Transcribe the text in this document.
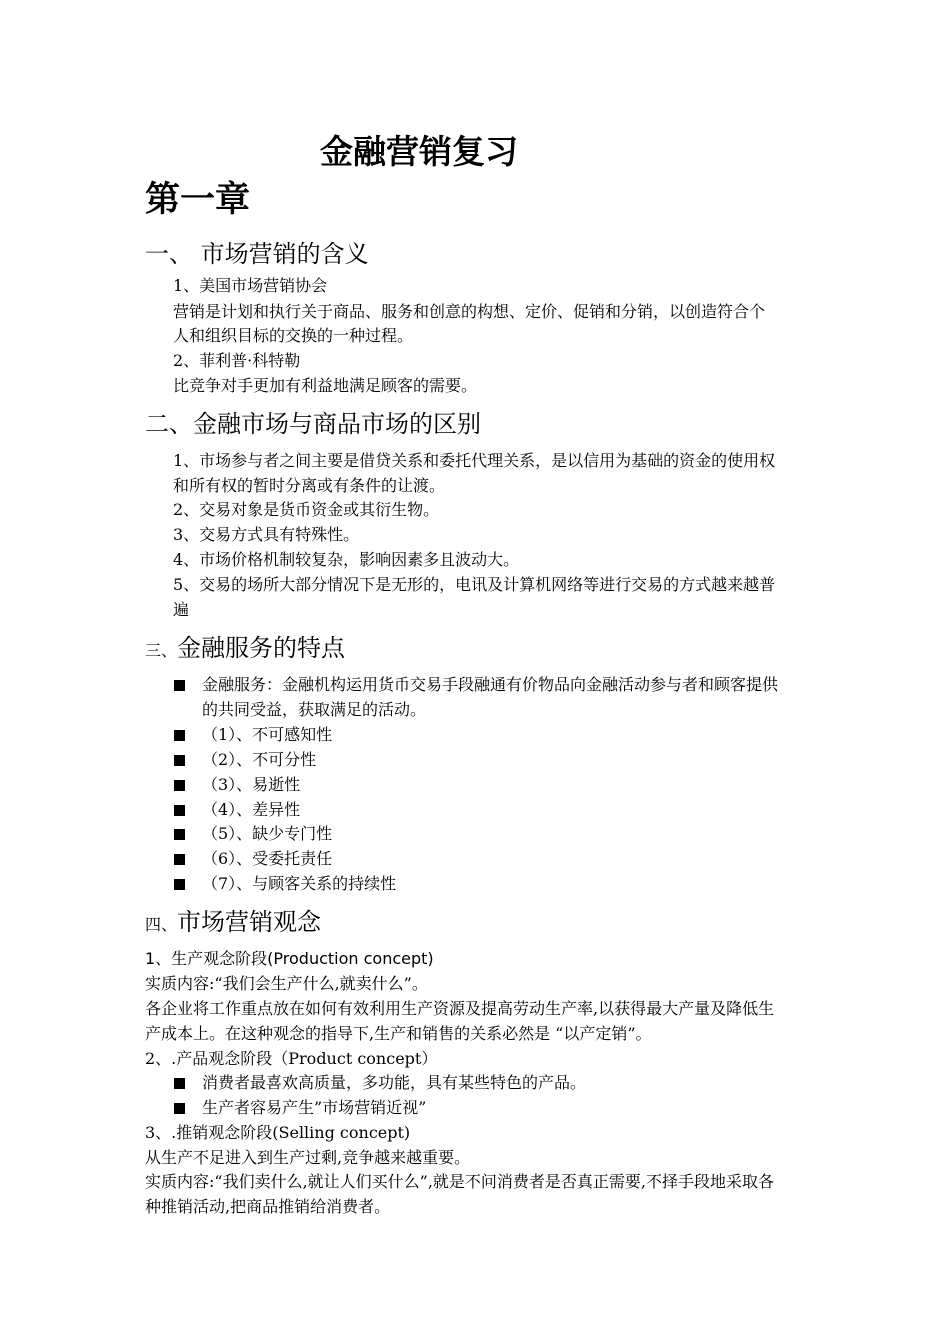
金融营销复习
第一章
一、 市场营销的含义
1、美国市场营销协会
营销是计划和执行关于商品、服务和创意的构想、定价、促销和分销，以创造符合个
人和组织目标的交换的一种过程。
2、菲利普·科特勒
比竞争对手更加有利益地满足顾客的需要。
二、金融市场与商品市场的区别
1、市场参与者之间主要是借贷关系和委托代理关系，是以信用为基础的资金的使用权
和所有权的暂时分离或有条件的让渡。
2、交易对象是货币资金或其衍生物。
3、交易方式具有特殊性。
4、市场价格机制较复杂，影响因素多且波动大。
5、交易的场所大部分情况下是无形的，电讯及计算机网络等进行交易的方式越来越普
遍
三、金融服务的特点
金融服务：金融机构运用货币交易手段融通有价物品向金融活动参与者和顾客提供
的共同受益，获取满足的活动。
（1）、不可感知性
（2）、不可分性
（3）、易逝性
（4）、差异性
（5）、缺少专门性
（6）、受委托责任
（7）、与顾客关系的持续性
四、市场营销观念
1、生产观念阶段(Production concept)
实质内容:“我们会生产什么,就卖什么”。
各企业将工作重点放在如何有效利用生产资源及提高劳动生产率,以获得最大产量及降低生
产成本上。在这种观念的指导下,生产和销售的关系必然是 “以产定销”。
2、.产品观念阶段（Product concept）
消费者最喜欢高质量，多功能，具有某些特色的产品。
生产者容易产生”市场营销近视”
3、.推销观念阶段(Selling concept)
从生产不足进入到生产过剩,竞争越来越重要。
实质内容:“我们卖什么,就让人们买什么”,就是不问消费者是否真正需要,不择手段地采取各
种推销活动,把商品推销给消费者。
